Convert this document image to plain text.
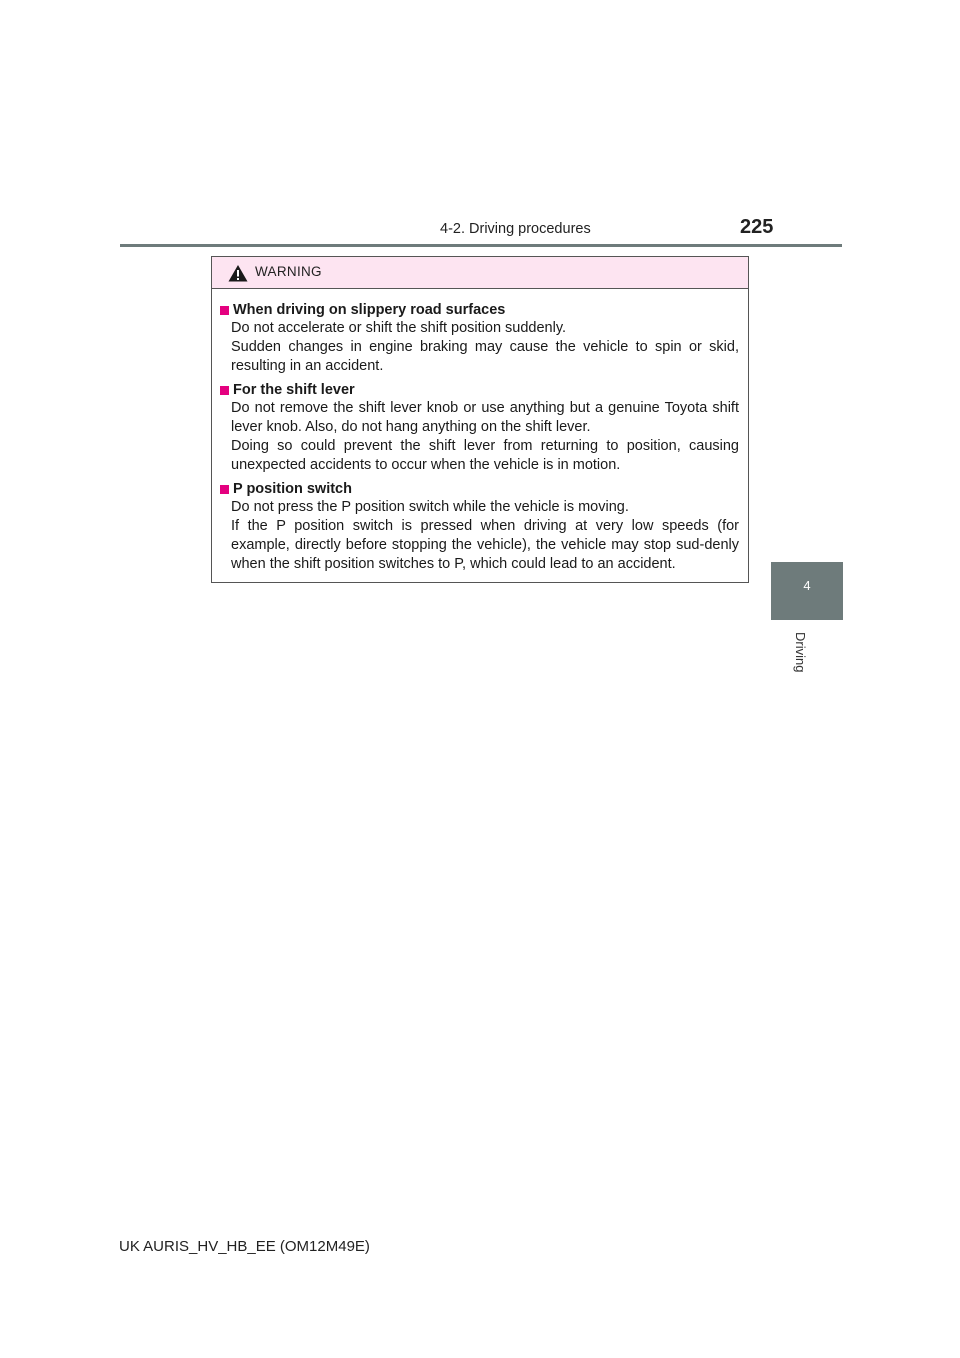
4-2. Driving procedures	225
4
Driving
WARNING
When driving on slippery road surfaces
Do not accelerate or shift the shift position suddenly.
Sudden changes in engine braking may cause the vehicle to spin or skid, resulting in an accident.
For the shift lever
Do not remove the shift lever knob or use anything but a genuine Toyota shift lever knob. Also, do not hang anything on the shift lever.
Doing so could prevent the shift lever from returning to position, causing unexpected accidents to occur when the vehicle is in motion.
P position switch
Do not press the P position switch while the vehicle is moving.
If the P position switch is pressed when driving at very low speeds (for example, directly before stopping the vehicle), the vehicle may stop sud-denly when the shift position switches to P, which could lead to an accident.
UK AURIS_HV_HB_EE (OM12M49E)
